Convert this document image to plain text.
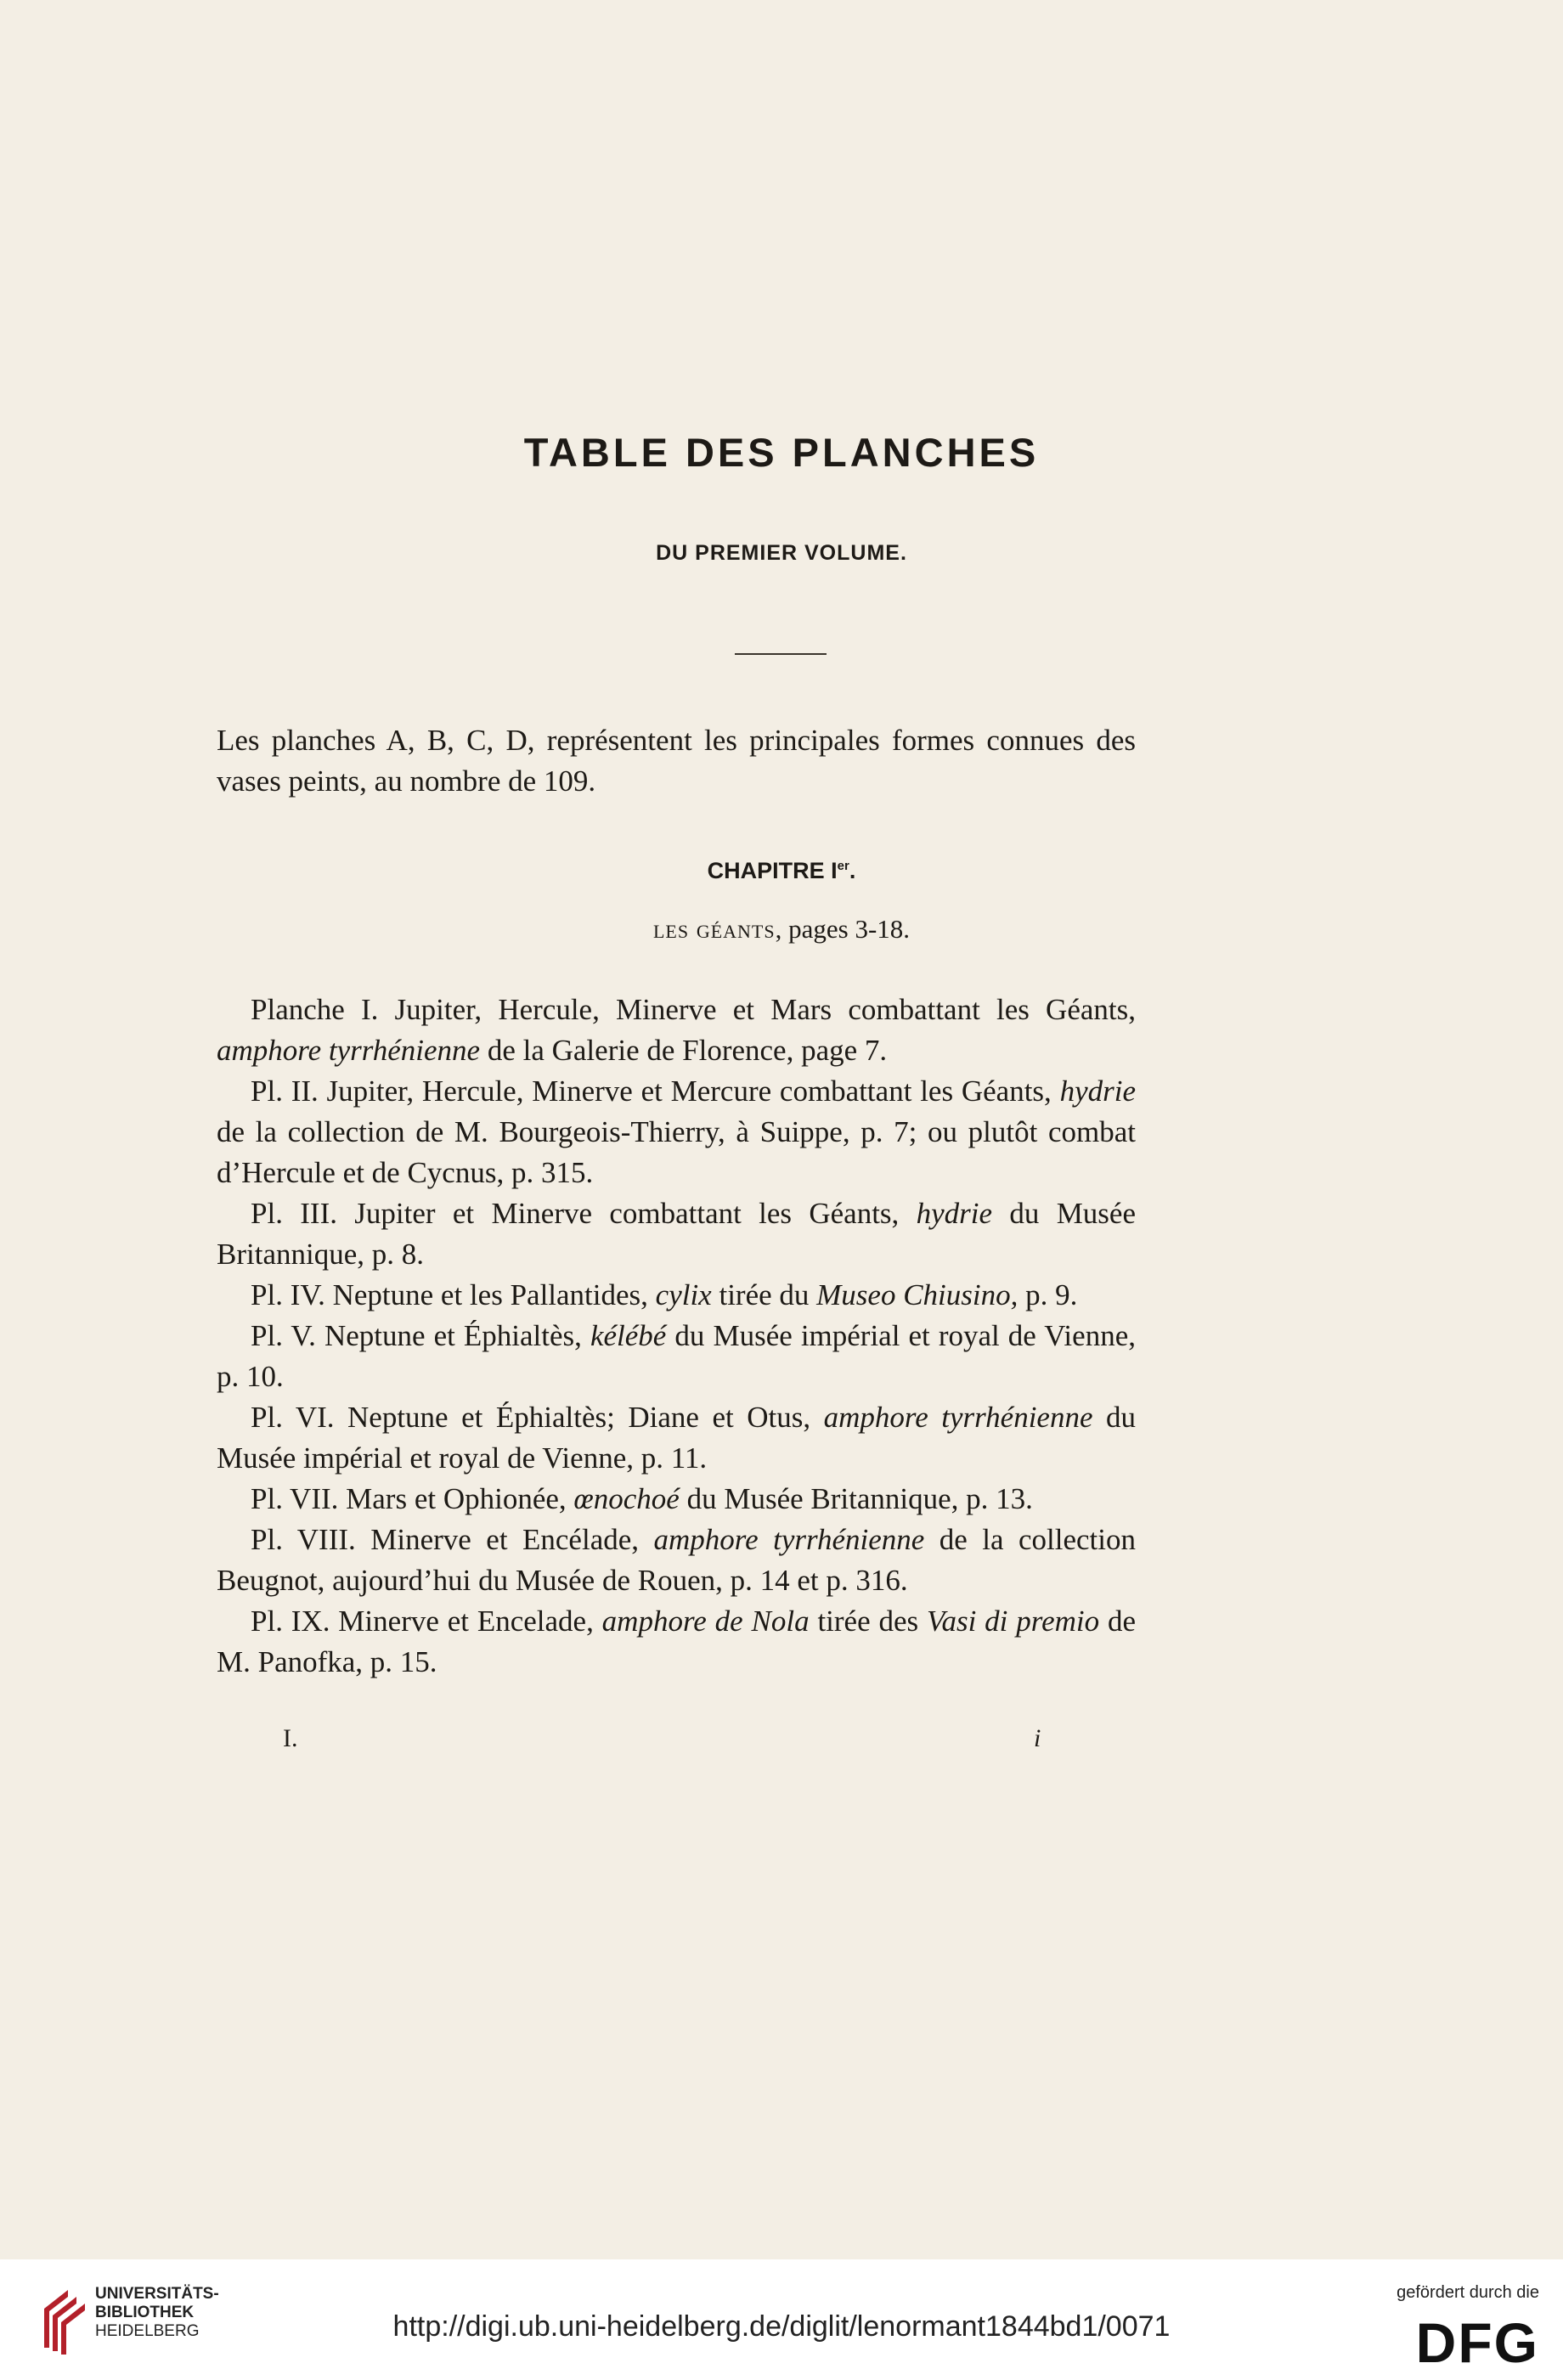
TABLE DES PLANCHES
DU PREMIER VOLUME.

Les planches A, B, C, D, représentent les principales formes connues des vases peints, au nombre de 109.

CHAPITRE Ier.

les géants, pages 3-18.

Planche I. Jupiter, Hercule, Minerve et Mars combattant les Géants, amphore tyrrhénienne de la Galerie de Florence, page 7.

Pl. II. Jupiter, Hercule, Minerve et Mercure combattant les Géants, hydrie de la collection de M. Bourgeois-Thierry, à Suippe, p. 7; ou plutôt combat d’Hercule et de Cycnus, p. 315.

Pl. III. Jupiter et Minerve combattant les Géants, hydrie du Musée Britannique, p. 8.

Pl. IV. Neptune et les Pallantides, cylix tirée du Museo Chiusino, p. 9.

Pl. V. Neptune et Éphialtès, kélébé du Musée impérial et royal de Vienne, p. 10.

Pl. VI. Neptune et Éphialtès; Diane et Otus, amphore tyrrhénienne du Musée impérial et royal de Vienne, p. 11.

Pl. VII. Mars et Ophionée, œnochoé du Musée Britannique, p. 13.

Pl. VIII. Minerve et Encélade, amphore tyrrhénienne de la collection Beugnot, aujourd’hui du Musée de Rouen, p. 14 et p. 316.

Pl. IX. Minerve et Encelade, amphore de Nola tirée des Vasi di premio de M. Panofka, p. 15.

I.	i
UNIVERSITÄTS-
BIBLIOTHEK
HEIDELBERG	http://digi.ub.uni-heidelberg.de/diglit/lenormant1844bd1/0071
gefördert durch die
DFG
